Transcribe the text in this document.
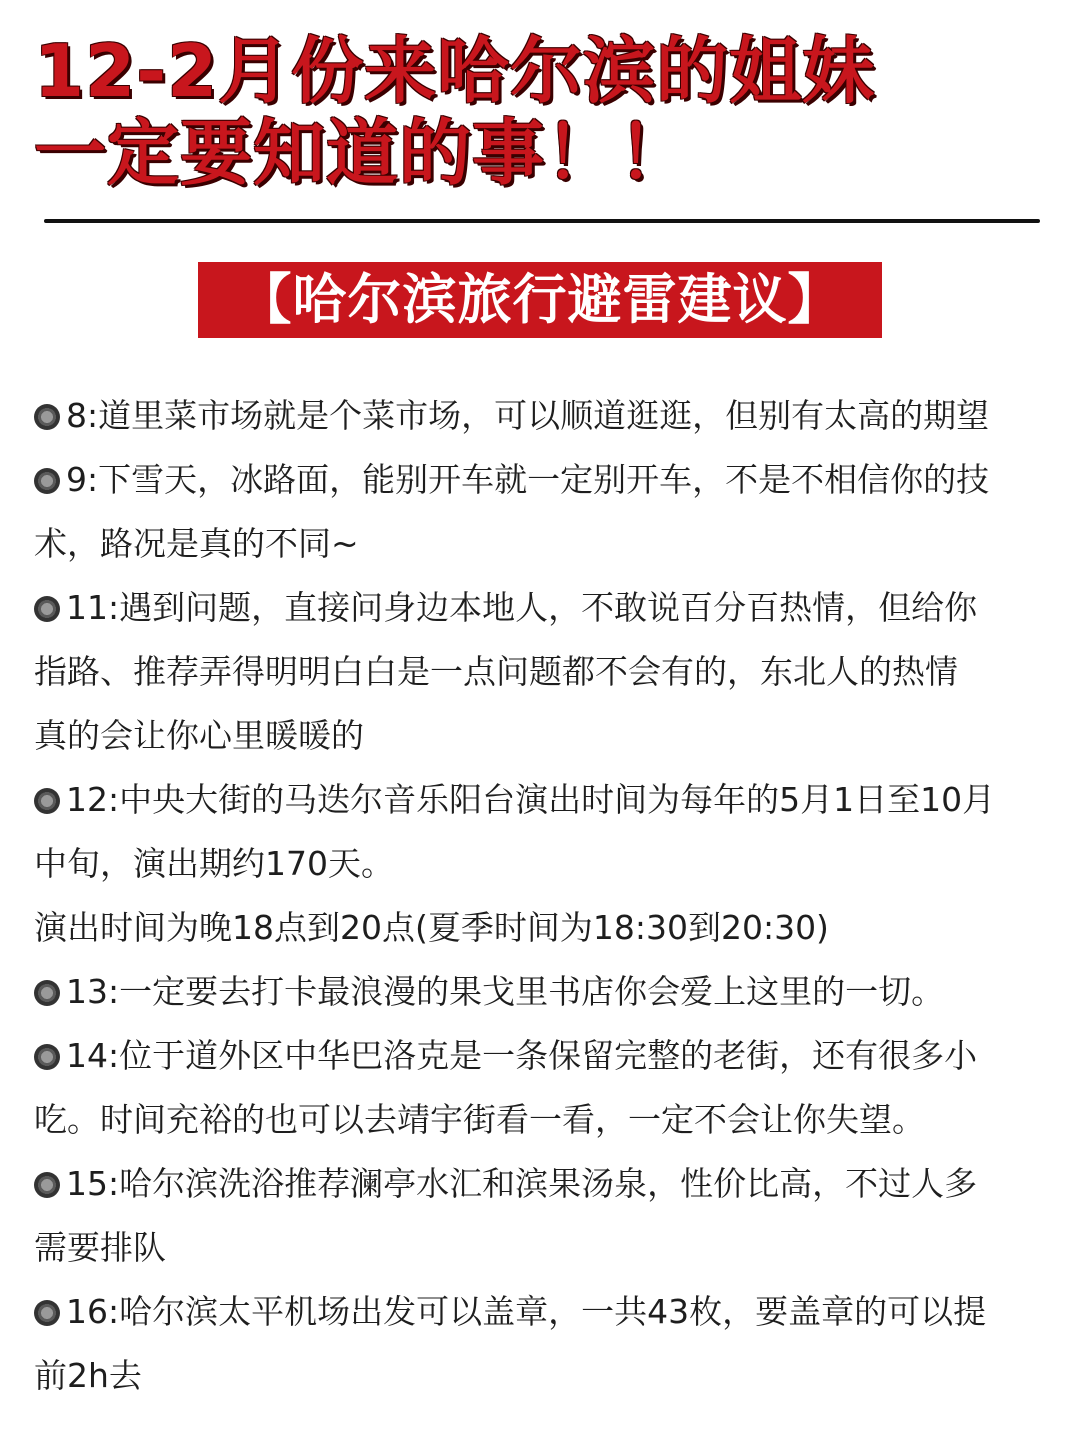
12-2月份来哈尔滨的姐妹
一定要知道的事！！
【哈尔滨旅行避雷建议】
8:道里菜市场就是个菜市场，可以顺道逛逛，但别有太高的期望
9:下雪天，冰路面，能别开车就一定别开车，不是不相信你的技
术，路况是真的不同~
11:遇到问题，直接问身边本地人，不敢说百分百热情，但给你
指路、推荐弄得明明白白是一点问题都不会有的，东北人的热情
真的会让你心里暖暖的
12:中央大街的马迭尔音乐阳台演出时间为每年的5月1日至10月
中旬，演出期约170天。
演出时间为晚18点到20点(夏季时间为18:30到20:30)
13:一定要去打卡最浪漫的果戈里书店你会爱上这里的一切。
14:位于道外区中华巴洛克是一条保留完整的老街，还有很多小
吃。时间充裕的也可以去靖宇街看一看，一定不会让你失望。
15:哈尔滨洗浴推荐澜亭水汇和滨果汤泉，性价比高，不过人多
需要排队
16:哈尔滨太平机场出发可以盖章，一共43枚，要盖章的可以提
前2h去
